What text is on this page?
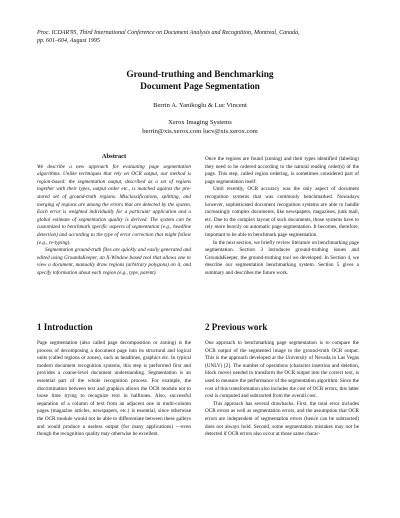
Proc. ICDAR'95, Third International Conference on Document Analysis and Recognition, Montreal, Canada,
pp. 601–604, August 1995
Ground-truthing and Benchmarking
Document Page Segmentation
Berrin A. Yanikoglu & Luc Vincent
Xerox Imaging Systems
berrin@xis.xerox.com lucv@xis.xerox.com
Abstract

We describe a new approach for evaluating page segmentation algorithms. Unlike techniques that rely on OCR output, our method is region-based: the segmentation output, described as a set of regions together with their types, output order etc., is matched against the pre-stored set of ground-truth regions. Misclassifications, splitting, and merging of regions are among the errors that are detected by the system. Each error is weighted individually for a particular application and a global estimate of segmentation quality is derived. The system can be customized to benchmark specific aspects of segmentation (e.g., headline detection) and according to the type of error correction that might follow (e.g., re-typing).

Segmentation ground-truth files are quickly and easily generated and edited using GroundsKeeper, an X-Window based tool that allows one to view a document, manually draw regions (arbitrary polygons) on it, and specify information about each region (e.g., type, parent).

1 Introduction

Page segmentation (also called page decomposition or zoning) is the process of decomposing a document page into its structural and logical units (called regions or zones), such as headlines, graphics etc. In typical modern document recognition systems, this step is performed first and provides a coarse-level document understanding. Segmentation is an essential part of the whole recognition process. For example, the discrimination between text and graphics allows the OCR module not to loose time trying to recognize text in halftones. Also, successful separation of a column of text from an adjacent one in multi-column pages (magazine articles, newspapers, etc.) is essential, since otherwise the OCR module would not be able to differentiate between these galleys and would produce a useless output (for many applications) —even though the recognition quality may otherwise be excellent.

Once the regions are found (zoning) and their types identified (labeling) they need to be ordered according to the natural reading order(s) of the page. This step, called region ordering, is sometimes considered part of page segmentation itself.

Until recently, OCR accuracy was the only aspect of document recognition systems that was commonly benchmarked. Nowadays however, sophisticated document recognition systems are able to handle increasingly complex documents, like newspapers, magazines, junk mail, etc. Due to the complex layout of such documents, those systems have to rely more heavily on automatic page segmentation. It becomes, therefore, important to be able to benchmark page segmentation.

In the next section, we briefly review literature on benchmarking page segmentation. Section 3 introduces ground-truthing issues and GroundsKeeper, the ground-truthing tool we developed. In Section 4, we describe our segmentation benchmarking system. Section 5 gives a summary and describes the future work.

2 Previous work

One approach to benchmarking page segmentation is to compare the OCR output of the segmented image to the ground-truth OCR output. This is the approach developed at the University of Nevada in Las Vegas (UNLV) [2]. The number of operations (character insertion and deletion, block move) needed to transform the OCR output into the correct text, is used to measure the performance of the segmentation algorithm. Since the cost of this transformation also includes the cost of OCR errors, this latter cost is computed and subtracted from the overall cost.

This approach has several drawbacks. First, the total error includes OCR errors as well as segmentation errors, and the assumption that OCR errors are independent of segmentation errors (hence can be subtracted) does not always hold. Second, some segmentation mistakes may not be detected if OCR errors also occur at those same charac-
